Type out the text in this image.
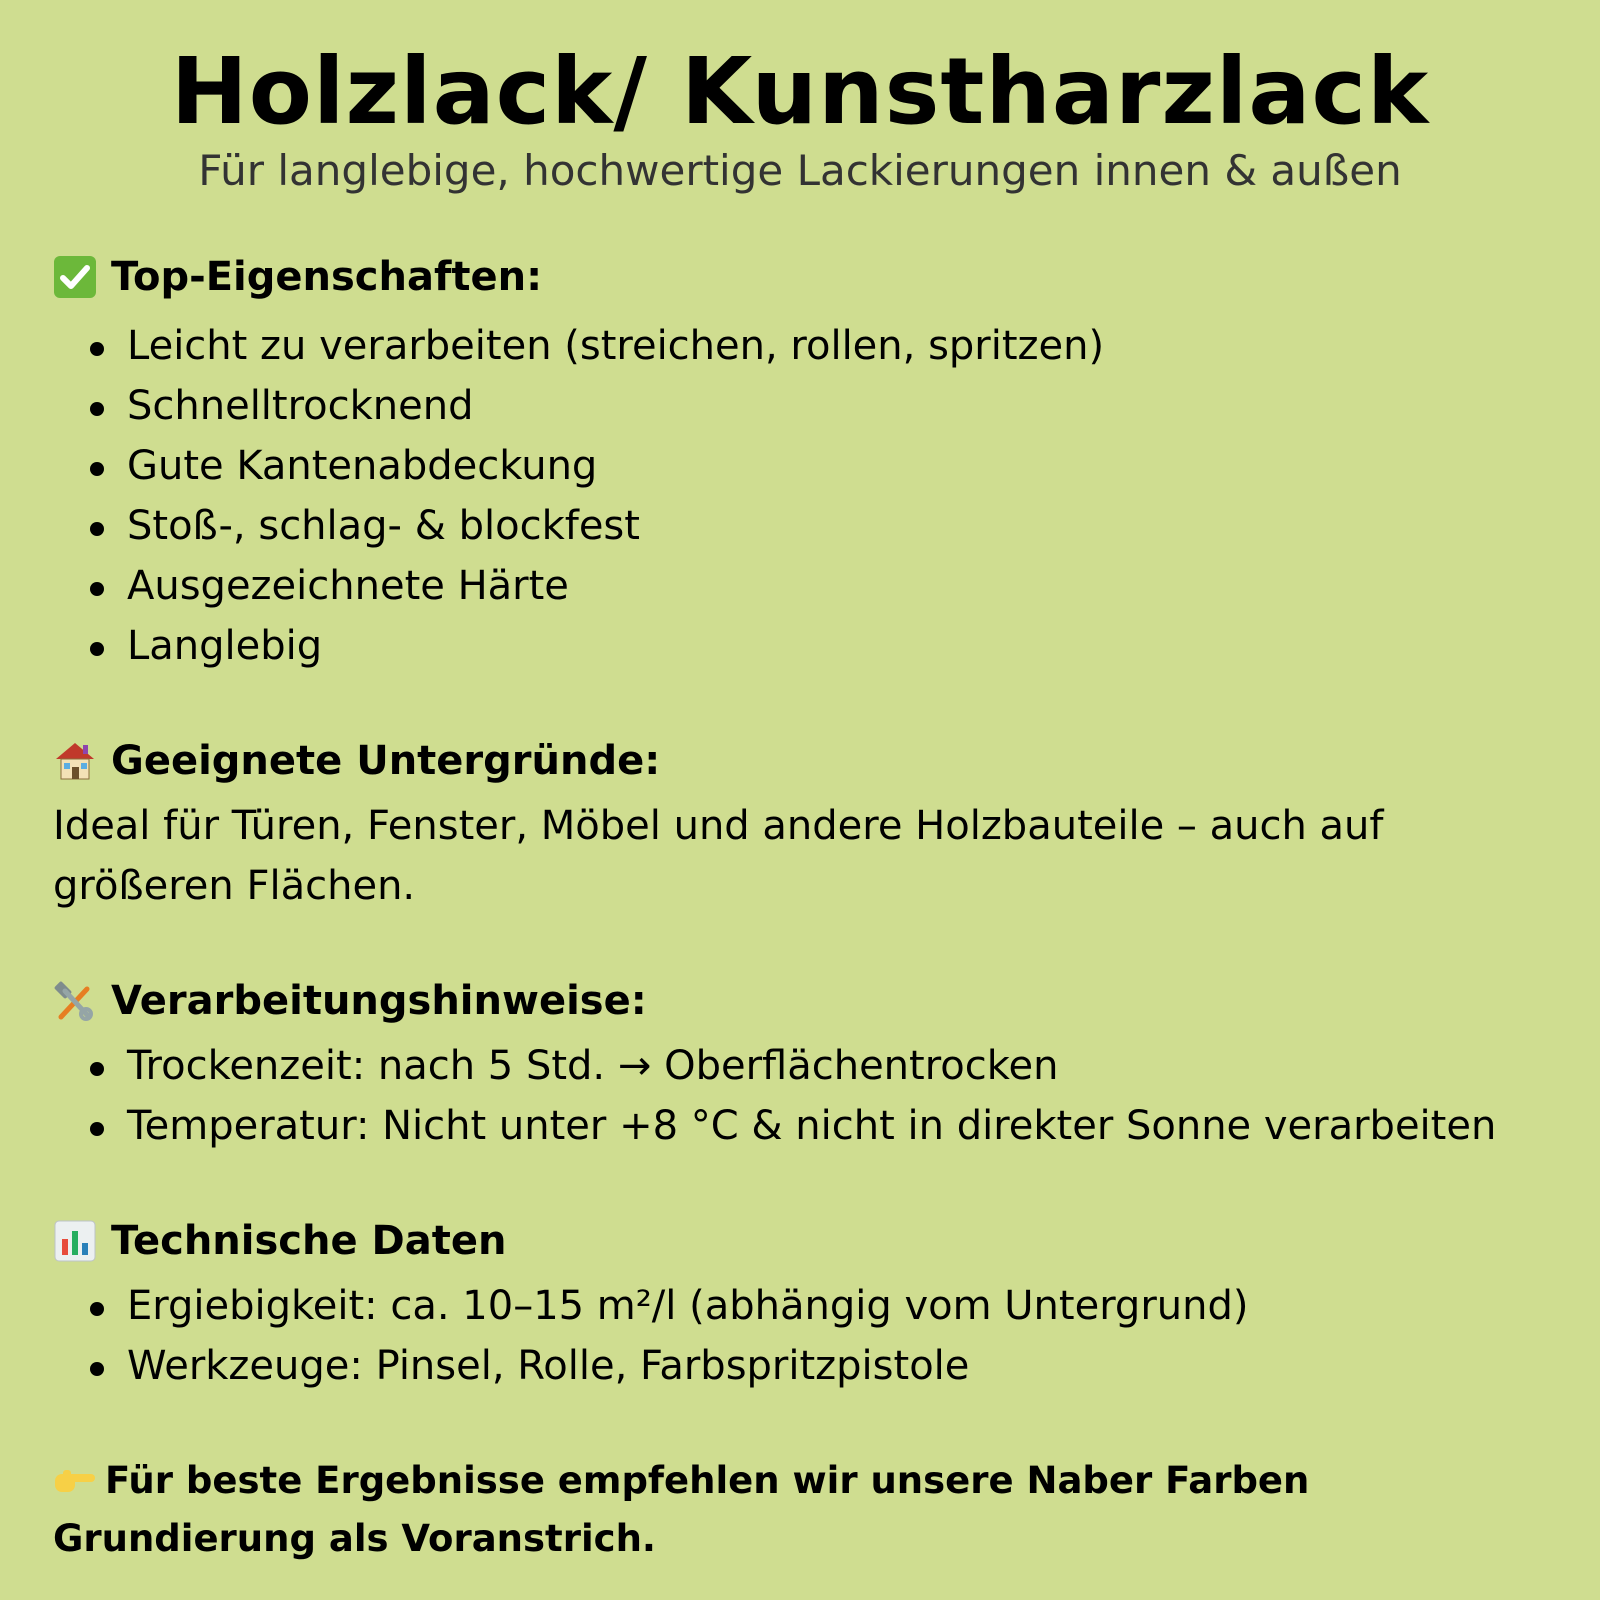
Holzlack/ Kunstharzlack
Für langlebige, hochwertige Lackierungen innen & außen
Top-Eigenschaften:
Leicht zu verarbeiten (streichen, rollen, spritzen)
Schnelltrocknend
Gute Kantenabdeckung
Stoß-, schlag- & blockfest
Ausgezeichnete Härte
Langlebig
Geeignete Untergründe:

Ideal für Türen, Fenster, Möbel und andere Holzbauteile – auch auf größeren Flächen.

Verarbeitungshinweise:
Trockenzeit: nach 5 Std. → Oberflächentrocken
Temperatur: Nicht unter +8 °C & nicht in direkter Sonne verarbeiten
Technische Daten
Ergiebigkeit: ca. 10–15 m²/l (abhängig vom Untergrund)
Werkzeuge: Pinsel, Rolle, Farbspritzpistole

Für beste Ergebnisse empfehlen wir unsere Naber Farben Grundierung als Voranstrich.
